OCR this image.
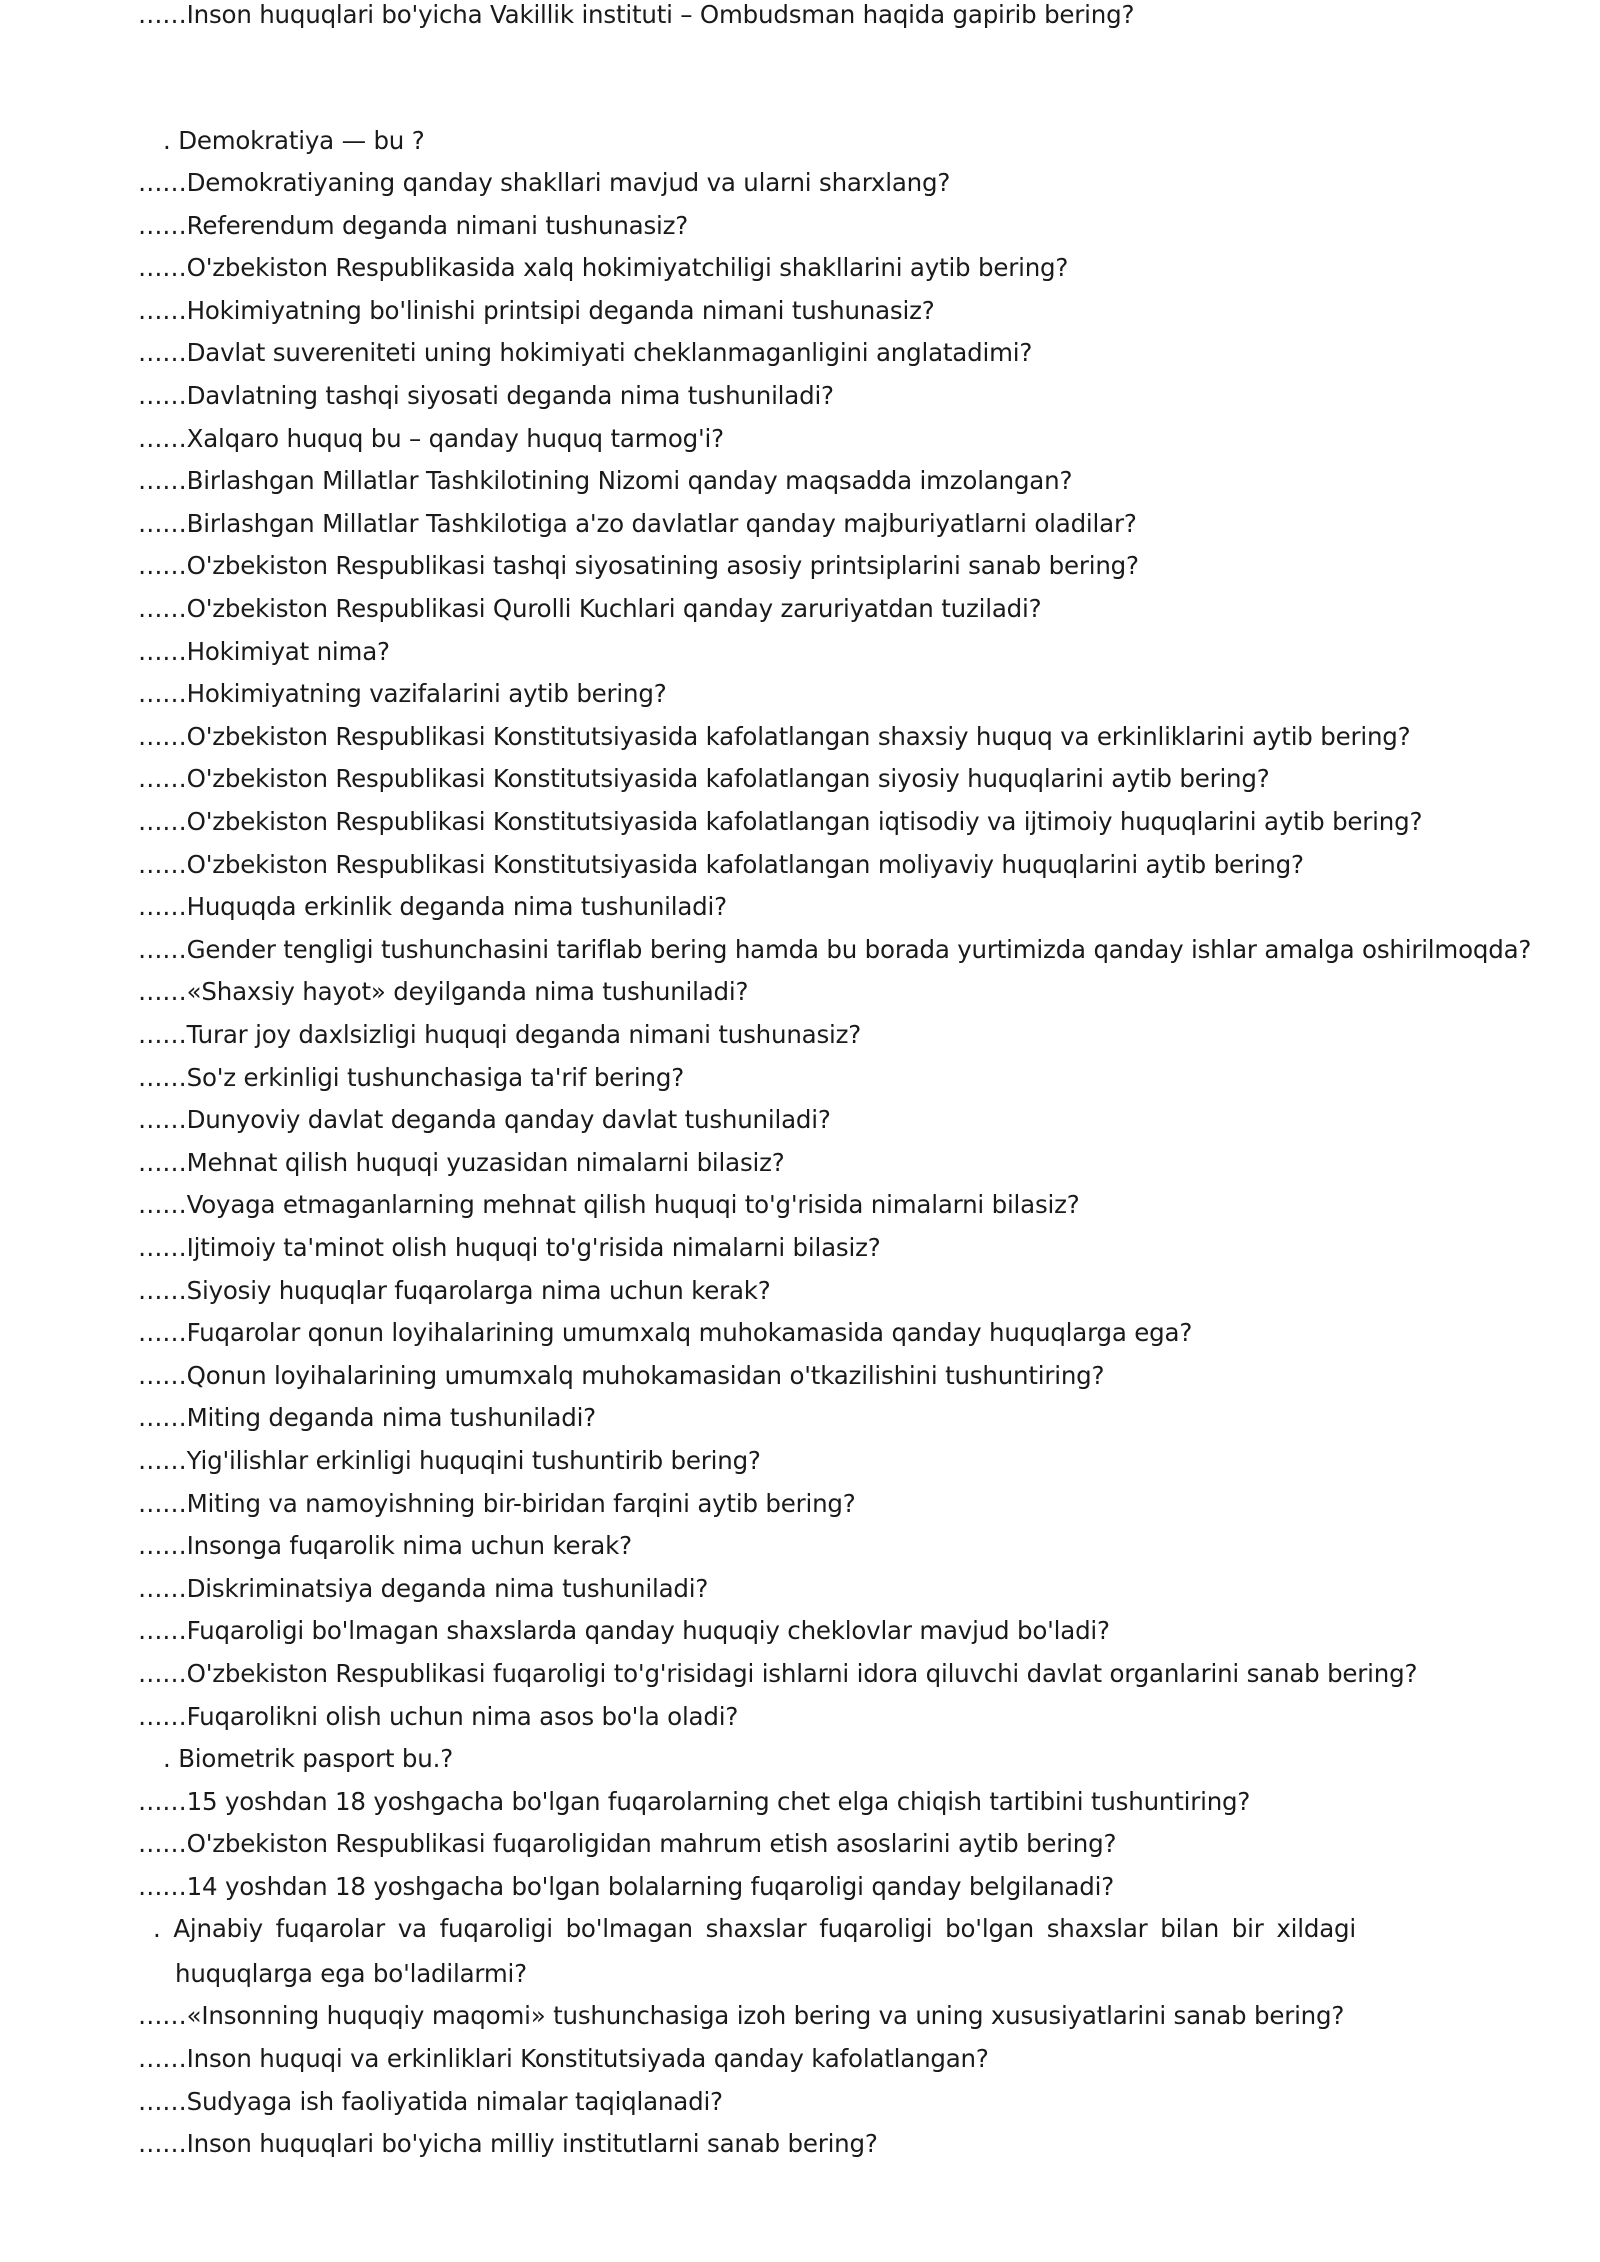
. Demokratiya — bu ?
……Demokratiyaning qanday shakllari mavjud va ularni sharxlang?
……Referendum deganda nimani tushunasiz?
……O'zbekiston Respublikasida xalq hokimiyatchiligi shakllarini aytib bering?
……Hokimiyatning bo'linishi printsipi deganda nimani tushunasiz?
……Davlat suvereniteti uning hokimiyati cheklanmaganligini anglatadimi?
……Davlatning tashqi siyosati deganda nima tushuniladi?
……Xalqaro huquq bu – qanday huquq tarmog'i?
……Birlashgan Millatlar Tashkilotining Nizomi qanday maqsadda imzolangan?
……Birlashgan Millatlar Tashkilotiga a'zo davlatlar qanday majburiyatlarni oladilar?
……O'zbekiston Respublikasi tashqi siyosatining asosiy printsiplarini sanab bering?
……O'zbekiston Respublikasi Qurolli Kuchlari qanday zaruriyatdan tuziladi?
……Hokimiyat nima?
……Hokimiyatning vazifalarini aytib bering?
……O'zbekiston Respublikasi Konstitutsiyasida kafolatlangan shaxsiy huquq va erkinliklarini aytib bering?
……O'zbekiston Respublikasi Konstitutsiyasida kafolatlangan siyosiy huquqlarini aytib bering?
……O'zbekiston Respublikasi Konstitutsiyasida kafolatlangan iqtisodiy va ijtimoiy huquqlarini aytib bering?
……O'zbekiston Respublikasi Konstitutsiyasida kafolatlangan moliyaviy huquqlarini aytib bering?
……Huquqda erkinlik deganda nima tushuniladi?
……Gender tengligi tushunchasini tariflab bering hamda bu borada yurtimizda qanday ishlar amalga oshirilmoqda?
……«Shaxsiy hayot» deyilganda nima tushuniladi?
……Turar joy daxlsizligi huquqi deganda nimani tushunasiz?
……So'z erkinligi tushunchasiga ta'rif bering?
……Dunyoviy davlat deganda qanday davlat tushuniladi?
……Mehnat qilish huquqi yuzasidan nimalarni bilasiz?
……Voyaga etmaganlarning mehnat qilish huquqi to'g'risida nimalarni bilasiz?
……Ijtimoiy ta'minot olish huquqi to'g'risida nimalarni bilasiz?
……Siyosiy huquqlar fuqarolarga nima uchun kerak?
……Fuqarolar qonun loyihalarining umumxalq muhokamasida qanday huquqlarga ega?
……Qonun loyihalarining umumxalq muhokamasidan o'tkazilishini tushuntiring?
……Miting deganda nima tushuniladi?
……Yig'ilishlar erkinligi huquqini tushuntirib bering?
……Miting va namoyishning bir-biridan farqini aytib bering?
……Insonga fuqarolik nima uchun kerak?
……Diskriminatsiya deganda nima tushuniladi?
……Fuqaroligi bo'lmagan shaxslarda qanday huquqiy cheklovlar mavjud bo'ladi?
……O'zbekiston Respublikasi fuqaroligi to'g'risidagi ishlarni idora qiluvchi davlat organlarini sanab bering?
……Fuqarolikni olish uchun nima asos bo'la oladi?
. Biometrik pasport bu.?
……15 yoshdan 18 yoshgacha bo'lgan fuqarolarning chet elga chiqish tartibini tushuntiring?
……O'zbekiston Respublikasi fuqaroligidan mahrum etish asoslarini aytib bering?
……14 yoshdan 18 yoshgacha bo'lgan bolalarning fuqaroligi qanday belgilanadi?
. Ajnabiy fuqarolar va fuqaroligi bo'lmagan shaxslar fuqaroligi bo'lgan shaxslar bilan bir xildagi
huquqlarga ega bo'ladilarmi?
……«Insonning huquqiy maqomi» tushunchasiga izoh bering va uning xususiyatlarini sanab bering?
……Inson huquqi va erkinliklari Konstitutsiyada qanday kafolatlangan?
……Sudyaga ish faoliyatida nimalar taqiqlanadi?
……Inson huquqlari bo'yicha milliy institutlarni sanab bering?
……Inson huquqlari bo'yicha Vakillik instituti – Ombudsman haqida gapirib bering?
